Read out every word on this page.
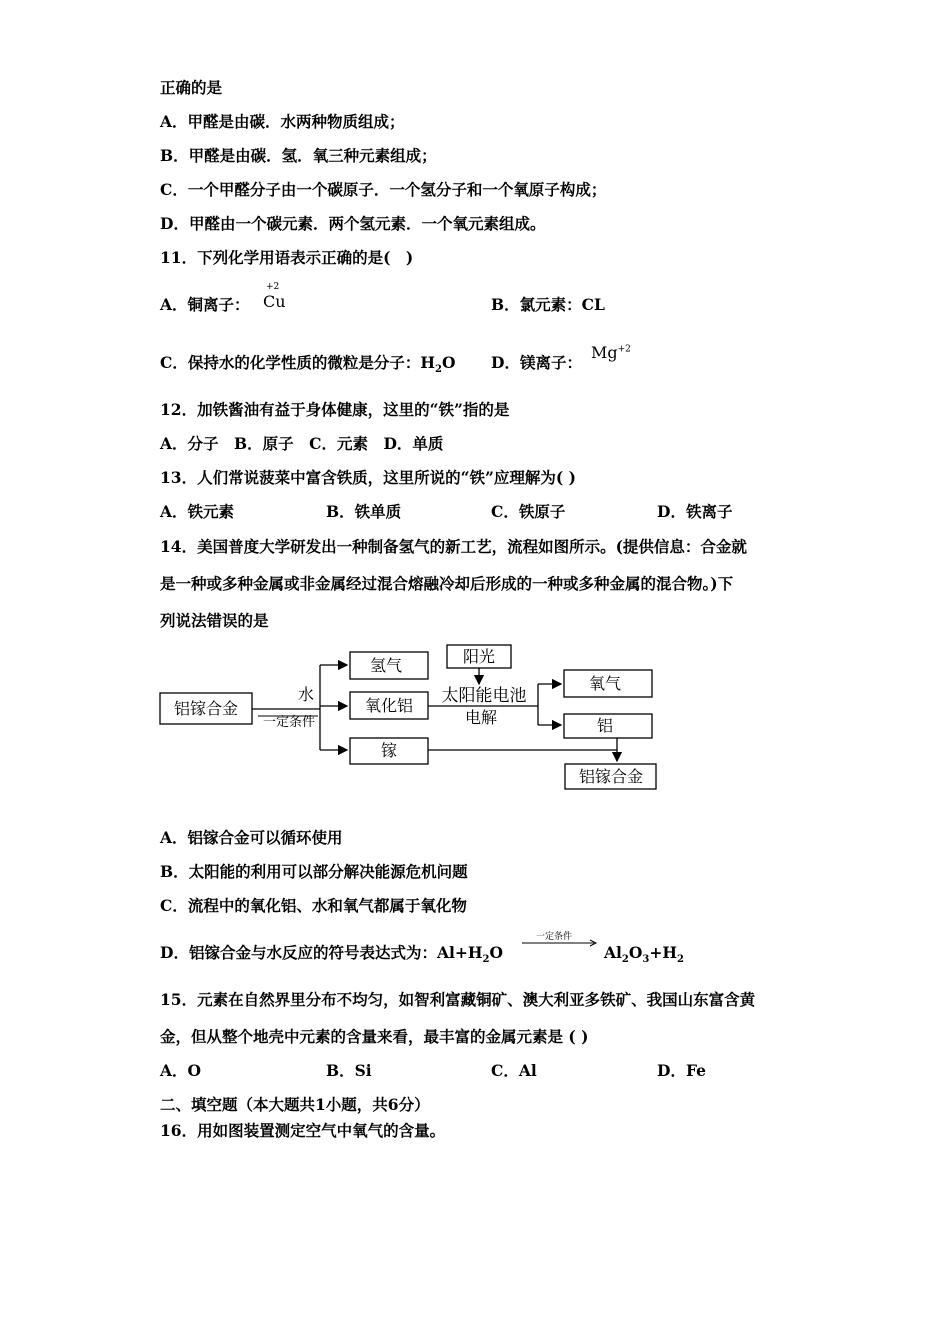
正确的是
A．甲醛是由碳．水两种物质组成；
B．甲醛是由碳．氢．氧三种元素组成；
C．一个甲醛分子由一个碳原子．一个氢分子和一个氧原子构成；
D．甲醛由一个碳元素．两个氢元素．一个氧元素组成。
11．下列化学用语表示正确的是(　)
A．铜离子：
+2
Cu	B．氯元素：CL
C．保持水的化学性质的微粒是分子：$H_2O$ D．镁离子：
$Mg^{+2}$
12．加铁酱油有益于身体健康，这里的“铁”指的是
A．分子　B．原子　C．元素　D．单质
13．人们常说菠菜中富含铁质，这里所说的“铁”应理解为( )
A．铁元素	B．铁单质	C．铁原子	D．铁离子
14．美国普度大学研发出一种制备氢气的新工艺，流程如图所示。(提供信息：合金就
是一种或多种金属或非金属经过混合熔融冷却后形成的一种或多种金属的混合物。)下
列说法错误的是
铝镓合金
水
一定条件
氢气
氧化铝
镓
阳光
太阳能电池
电解
氧气
铝
铝镓合金
A．铝镓合金可以循环使用
B．太阳能的利用可以部分解决能源危机问题
C．流程中的氧化铝、水和氧气都属于氧化物
D．铝镓合金与水反应的符号表达式为：$Al+H_2O$
一定条件
$Al_2O_3+H_2$
15．元素在自然界里分布不均匀，如智利富藏铜矿、澳大利亚多铁矿、我国山东富含黄
金，但从整个地壳中元素的含量来看，最丰富的金属元素是 ( )
A．O	B．Si	C．Al	D．Fe
二、填空题（本大题共1小题，共6分）
16．用如图装置测定空气中氧气的含量。
